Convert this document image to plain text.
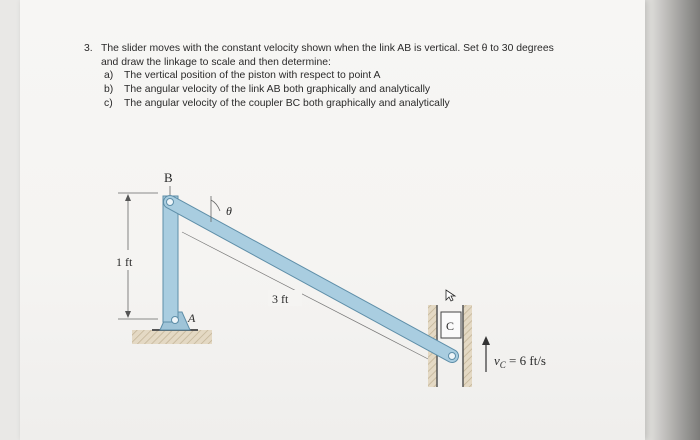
3. The slider moves with the constant velocity shown when the link AB is vertical. Set θ to 30 degrees
and draw the linkage to scale and then determine:
a) The vertical position of the piston with respect to point A
b) The angular velocity of the link AB both graphically and analytically
c) The angular velocity of the coupler BC both graphically and analytically
1 ft
3 ft
C
B
A
θ
$v_C = 6$ ft/s
